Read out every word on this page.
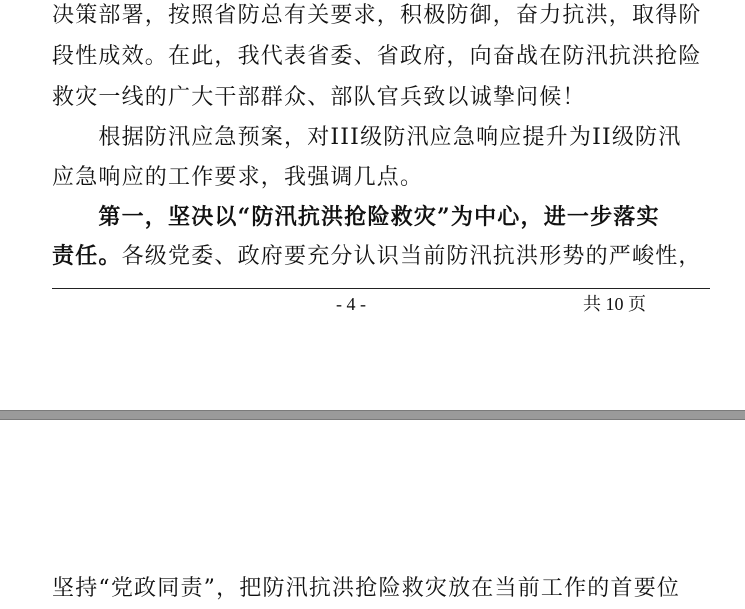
决策部署，按照省防总有关要求，积极防御，奋力抗洪，取得阶
段性成效。在此，我代表省委、省政府，向奋战在防汛抗洪抢险
救灾一线的广大干部群众、部队官兵致以诚挚问候！
　　根据防汛应急预案，对III级防汛应急响应提升为II级防汛
应急响应的工作要求，我强调几点。
　　第一，坚决以“防汛抗洪抢险救灾”为中心，进一步落实
责任。各级党委、政府要充分认识当前防汛抗洪形势的严峻性，
- 4 -	共 10 页
坚持“党政同责”，把防汛抗洪抢险救灾放在当前工作的首要位
